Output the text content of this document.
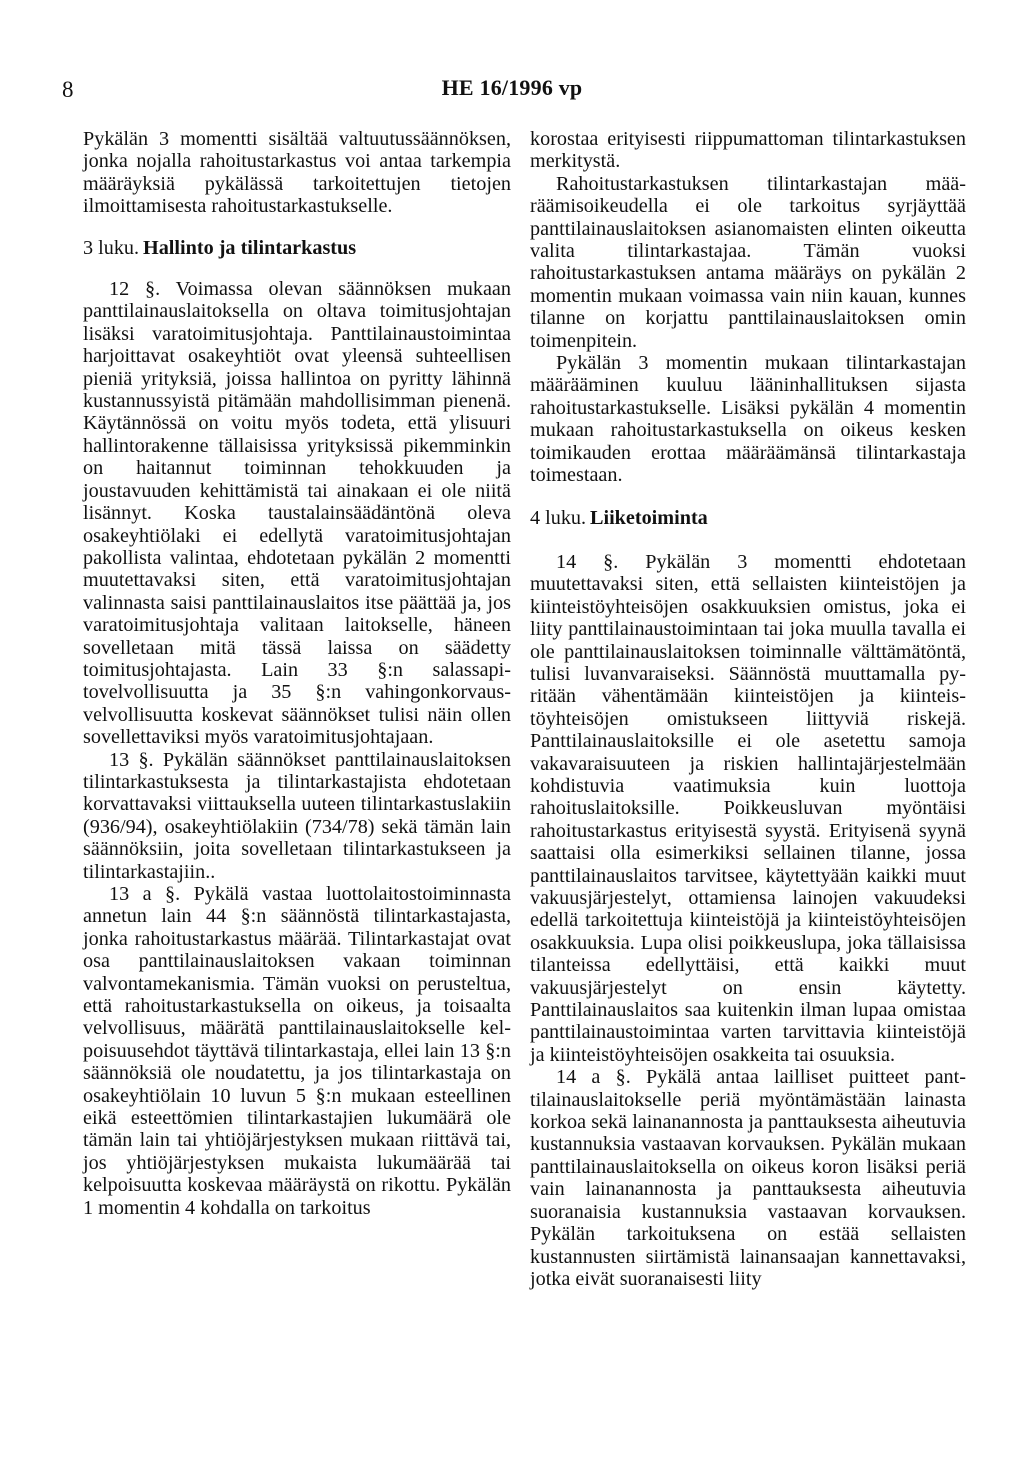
8	HE 16/1996 vp

Pykälän 3 momentti sisältää valtuutussäännöksen, jonka nojalla rahoitustarkastus voi antaa tarkempia määräyksiä pykälässä tarkoitettujen tietojen ilmoittamisesta rahoitustarkastukselle.

3 luku. Hallinto ja tilintarkastus

12 §. Voimassa olevan säännöksen mukaan panttilainauslaitoksella on oltava toimitusjohtajan lisäksi varatoimitusjohtaja. Panttilainaustoimintaa harjoittavat osakeyhtiöt ovat yleensä suhteellisen pieniä yrityksiä, joissa hallintoa on pyritty lähinnä kustannussyistä pitämään mahdollisimman pienenä. Käytännössä on voitu myös todeta, että ylisuuri hallintorakenne tällaisissa yrityksissä pikemminkin on haitannut toiminnan tehokkuuden ja joustavuuden kehittämistä tai ainakaan ei ole niitä lisännyt. Koska taustalainsäädäntönä oleva osakeyhtiölaki ei edellytä varatoimitusjohtajan pakollista valintaa, ehdotetaan pykälän 2 momentti muutettavaksi siten, että varatoimitusjohtajan valinnasta saisi panttilainauslaitos itse päättää ja, jos varatoimitusjohtaja valitaan laitokselle, häneen sovelletaan mitä tässä laissa on säädetty toimitusjohtajasta. Lain 33 §:n salassapitovelvollisuutta ja 35 §:n vahingonkorvausvelvollisuutta koskevat säännökset tulisi näin ollen sovellettaviksi myös varatoimitusjohtajaan.

13 §. Pykälän säännökset panttilainauslaitoksen tilintarkastuksesta ja tilintarkastajista ehdotetaan korvattavaksi viittauksella uuteen tilintarkastuslakiin (936/94), osakeyhtiölakiin (734/78) sekä tämän lain säännöksiin, joita sovelletaan tilintarkastukseen ja tilintarkastajiin..

13 a §. Pykälä vastaa luottolaitostoiminnasta annetun lain 44 §:n säännöstä tilintarkastajasta, jonka rahoitustarkastus määrää. Tilintarkastajat ovat osa panttilainauslaitoksen vakaan toiminnan valvontamekanismia. Tämän vuoksi on perusteltua, että rahoitustarkastuksella on oikeus, ja toisaalta velvollisuus, määrätä panttilainauslaitokselle kelpoisuusehdot täyttävä tilintarkastaja, ellei lain 13 §:n säännöksiä ole noudatettu, ja jos tilintarkastaja on osakeyhtiölain 10 luvun 5 §:n mukaan esteellinen eikä esteettömien tilintarkastajien lukumäärä ole tämän lain tai yhtiöjärjestyksen mukaan riittävä tai, jos yhtiöjärjestyksen mukaista lukumäärää tai kelpoisuutta koskevaa määräystä on rikottu. Pykälän 1 momentin 4 kohdalla on tarkoitus

korostaa erityisesti riippumattoman tilintarkastuksen merkitystä.

Rahoitustarkastuksen tilintarkastajan määräämisoikeudella ei ole tarkoitus syrjäyttää panttilainauslaitoksen asianomaisten elinten oikeutta valita tilintarkastajaa. Tämän vuoksi rahoitustarkastuksen antama määräys on pykälän 2 momentin mukaan voimassa vain niin kauan, kunnes tilanne on korjattu panttilainauslaitoksen omin toimenpitein.

Pykälän 3 momentin mukaan tilintarkastajan määrääminen kuuluu lääninhallituksen sijasta rahoitustarkastukselle. Lisäksi pykälän 4 momentin mukaan rahoitustarkastuksella on oikeus kesken toimikauden erottaa määräämänsä tilintarkastaja toimestaan.

4 luku. Liiketoiminta

14 §. Pykälän 3 momentti ehdotetaan muutettavaksi siten, että sellaisten kiinteistöjen ja kiinteistöyhteisöjen osakkuuksien omistus, joka ei liity panttilainaustoimintaan tai joka muulla tavalla ei ole panttilainauslaitoksen toiminnalle välttämätöntä, tulisi luvanvaraiseksi. Säännöstä muuttamalla pyritään vähentämään kiinteistöjen ja kiinteistöyhteisöjen omistukseen liittyviä riskejä. Panttilainauslaitoksille ei ole asetettu samoja vakavaraisuuteen ja riskien hallintajärjestelmään kohdistuvia vaatimuksia kuin luottoja rahoituslaitoksille. Poikkeusluvan myöntäisi rahoitustarkastus erityisestä syystä. Erityisenä syynä saattaisi olla esimerkiksi sellainen tilanne, jossa panttilainauslaitos tarvitsee, käytettyään kaikki muut vakuusjärjestelyt, ottamiensa lainojen vakuudeksi edellä tarkoitettuja kiinteistöjä ja kiinteistöyhteisöjen osakkuuksia. Lupa olisi poikkeuslupa, joka tällaisissa tilanteissa edellyttäisi, että kaikki muut vakuusjärjestelyt on ensin käytetty. Panttilainauslaitos saa kuitenkin ilman lupaa omistaa panttilainaustoimintaa varten tarvittavia kiinteistöjä ja kiinteistöyhteisöjen osakkeita tai osuuksia.

14 a §. Pykälä antaa lailliset puitteet panttilainauslaitokselle periä myöntämästään lainasta korkoa sekä lainanannosta ja panttauksesta aiheutuvia kustannuksia vastaavan korvauksen. Pykälän mukaan panttilainauslaitoksella on oikeus koron lisäksi periä vain lainanannosta ja panttauksesta aiheutuvia suoranaisia kustannuksia vastaavan korvauksen. Pykälän tarkoituksena on estää sellaisten kustannusten siirtämistä lainansaajan kannettavaksi, jotka eivät suoranaisesti liity
